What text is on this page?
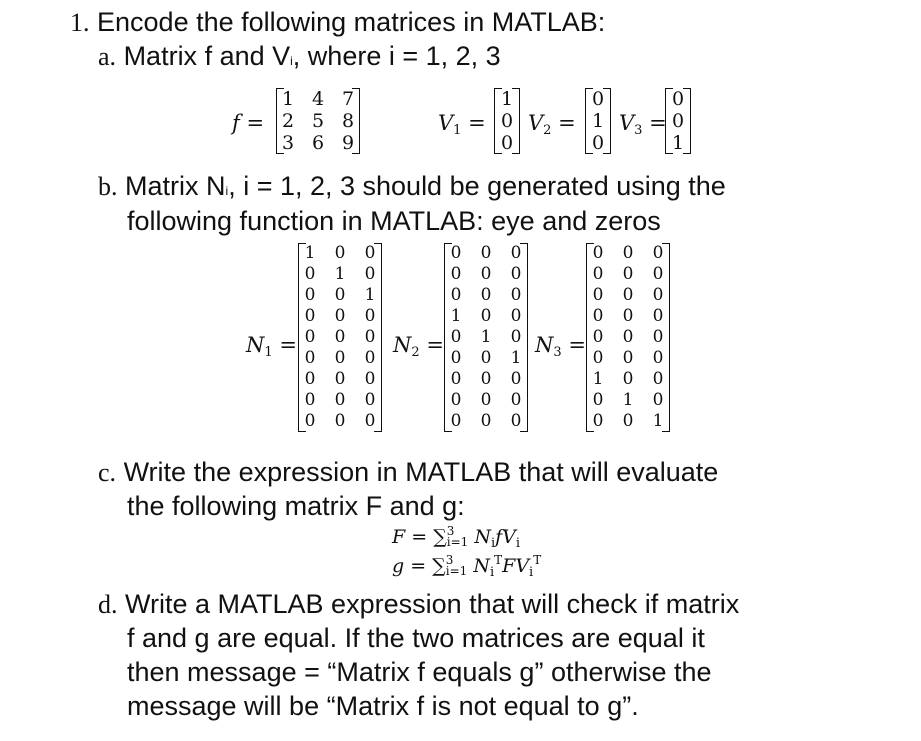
1. Encode the following matrices in MATLAB:
a. Matrix f and Vi, where i = 1, 2, 3
f =
1 4 7
2 5 8
3 6 9
$V_1$ =
1
0
0
$V_2$ =
0
1
0
$V_3$ =
0
0
1
b. Matrix Ni, i = 1, 2, 3 should be generated using the
following function in MATLAB: eye and zeros
$N_1$ =
1 0 0
0 1 0
0 0 1
0 0 0
0 0 0
0 0 0
0 0 0
0 0 0
0 0 0
$N_2$ =
0 0 0
0 0 0
0 0 0
1 0 0
0 1 0
0 0 1
0 0 0
0 0 0
0 0 0
$N_3$ =
0 0 0
0 0 0
0 0 0
0 0 0
0 0 0
0 0 0
1 0 0
0 1 0
0 0 1
c. Write the expression in MATLAB that will evaluate
the following matrix F and g:
F = ∑3
i=1 $N_ifV_i$
g = ∑3
i=1 $N_i^TFV_i^T$
d. Write a MATLAB expression that will check if matrix
f and g are equal. If the two matrices are equal it
then message = “Matrix f equals g” otherwise the
message will be “Matrix f is not equal to g”.
